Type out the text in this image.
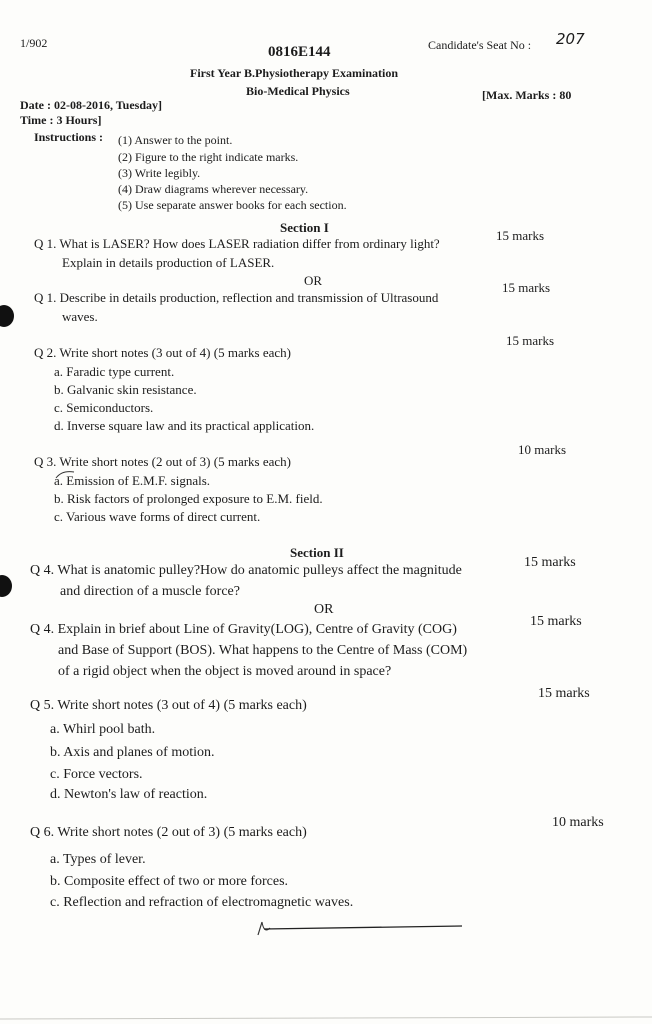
1/902
0816E144	Candidate's Seat No : 207
First Year B.Physiotherapy Examination
Bio-Medical Physics	[Max. Marks : 80
Date : 02-08-2016, Tuesday]
Time : 3 Hours]
Instructions : (1) Answer to the point.
(2) Figure to the right indicate marks.
(3) Write legibly.
(4) Draw diagrams wherever necessary.
(5) Use separate answer books for each section.
Section I
Q 1. What is LASER? How does LASER radiation differ from ordinary light?
Explain in details production of LASER.
15 marks
OR
Q 1. Describe in details production, reflection and transmission of Ultrasound
waves.
15 marks
Q 2. Write short notes (3 out of 4) (5 marks each)
15 marks
a. Faradic type current.
b. Galvanic skin resistance.
c. Semiconductors.
d. Inverse square law and its practical application.
Q 3. Write short notes (2 out of 3) (5 marks each)
10 marks
a. Emission of E.M.F. signals.
b. Risk factors of prolonged exposure to E.M. field.
c. Various wave forms of direct current.
Section II
Q 4. What is anatomic pulley?How do anatomic pulleys affect the magnitude
and direction of a muscle force?
15 marks
OR
Q 4. Explain in brief about Line of Gravity(LOG), Centre of Gravity (COG)
and Base of Support (BOS). What happens to the Centre of Mass (COM)
of a rigid object when the object is moved around in space?
15 marks
Q 5. Write short notes (3 out of 4) (5 marks each)
15 marks
a. Whirl pool bath.
b. Axis and planes of motion.
c. Force vectors.
d. Newton's law of reaction.
Q 6. Write short notes (2 out of 3) (5 marks each)
10 marks
a. Types of lever.
b. Composite effect of two or more forces.
c. Reflection and refraction of electromagnetic waves.
